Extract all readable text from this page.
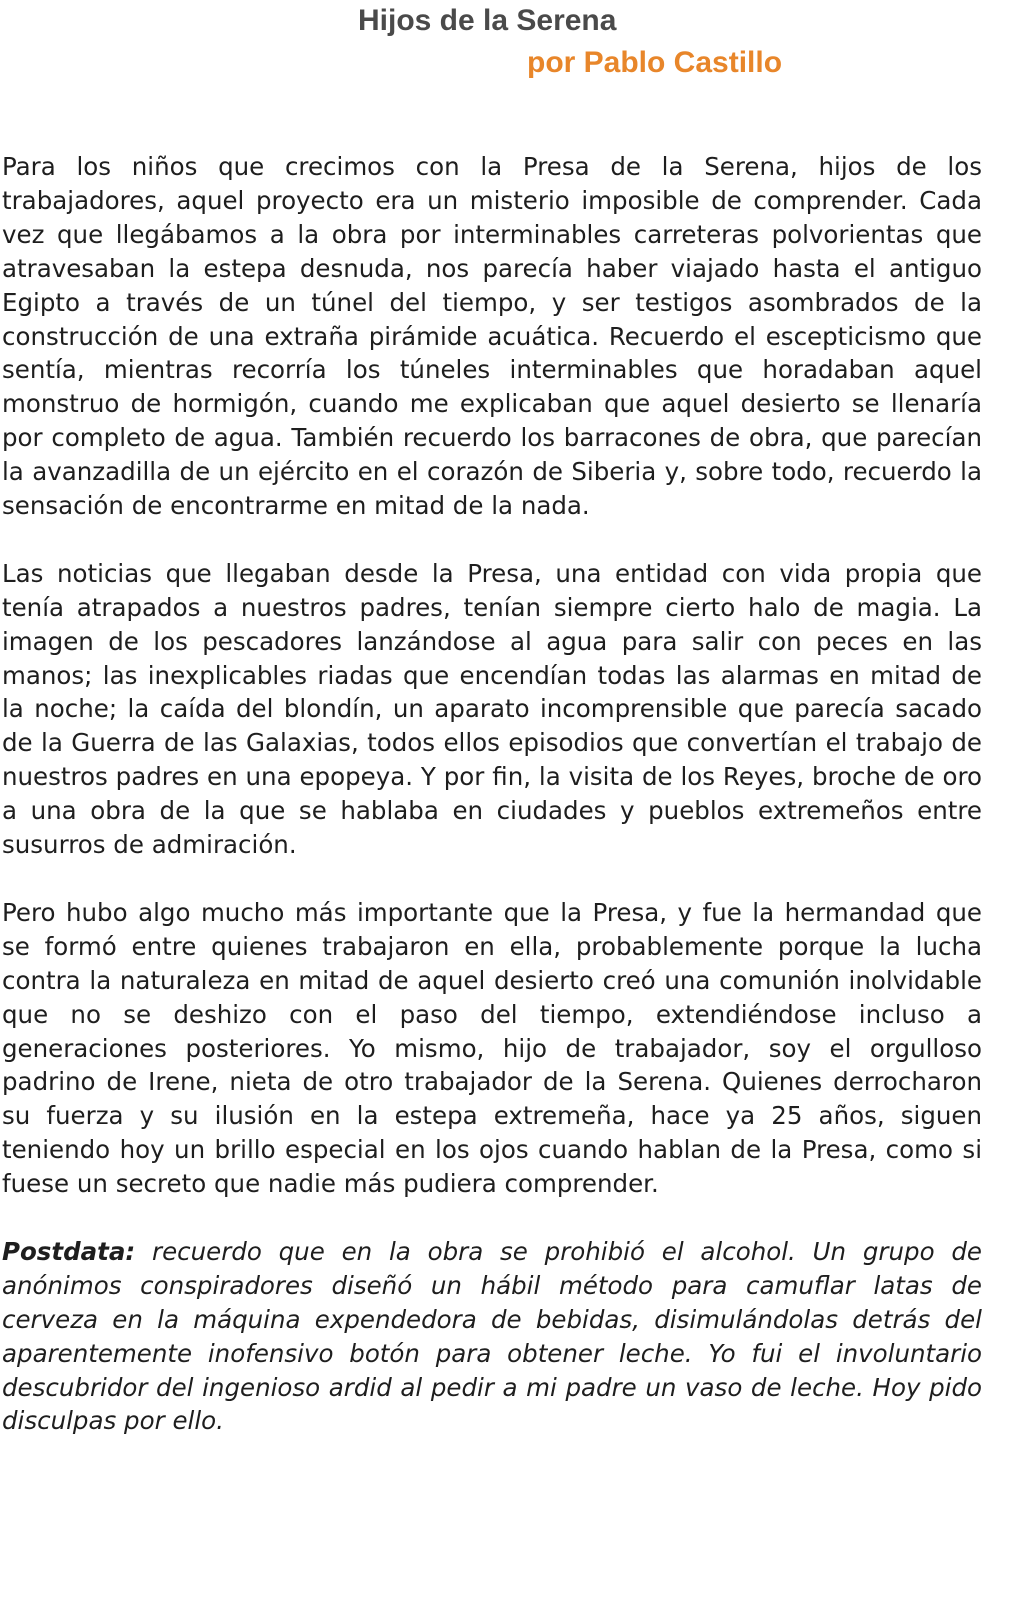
Hijos de la Serena
por Pablo Castillo

Para los niños que crecimos con la Presa de la Serena, hijos de los trabajadores, aquel proyecto era un misterio imposible de comprender. Cada vez que llegábamos a la obra por interminables carreteras polvorientas que atravesaban la estepa desnuda, nos parecía haber viajado hasta el antiguo Egipto a través de un túnel del tiempo, y ser testigos asombrados de la construcción de una extraña pirámide acuática. Recuerdo el escepticismo que sentía, mientras recorría los túneles interminables que horadaban aquel monstruo de hormigón, cuando me explicaban que aquel desierto se llenaría por completo de agua. También recuerdo los barracones de obra, que parecían la avanzadilla de un ejército en el corazón de Siberia y, sobre todo, recuerdo la sensación de encontrarme en mitad de la nada.

Las noticias que llegaban desde la Presa, una entidad con vida propia que tenía atrapados a nuestros padres, tenían siempre cierto halo de magia. La imagen de los pescadores lanzándose al agua para salir con peces en las manos; las inexplicables riadas que encendían todas las alarmas en mitad de la noche; la caída del blondín, un aparato incomprensible que parecía sacado de la Guerra de las Galaxias, todos ellos episodios que convertían el trabajo de nuestros padres en una epopeya. Y por fin, la visita de los Reyes, broche de oro a una obra de la que se hablaba en ciudades y pueblos extremeños entre susurros de admiración.

Pero hubo algo mucho más importante que la Presa, y fue la hermandad que se formó entre quienes trabajaron en ella, probablemente porque la lucha contra la naturaleza en mitad de aquel desierto creó una comunión inolvidable que no se deshizo con el paso del tiempo, extendiéndose incluso a generaciones posteriores. Yo mismo, hijo de trabajador, soy el orgulloso padrino de Irene, nieta de otro trabajador de la Serena. Quienes derrocharon su fuerza y su ilusión en la estepa extremeña, hace ya 25 años, siguen teniendo hoy un brillo especial en los ojos cuando hablan de la Presa, como si fuese un secreto que nadie más pudiera comprender.

Postdata: recuerdo que en la obra se prohibió el alcohol. Un grupo de anónimos conspiradores diseñó un hábil método para camuflar latas de cerveza en la máquina expendedora de bebidas, disimulándolas detrás del aparentemente inofensivo botón para obtener leche. Yo fui el involuntario descubridor del ingenioso ardid al pedir a mi padre un vaso de leche. Hoy pido disculpas por ello.
